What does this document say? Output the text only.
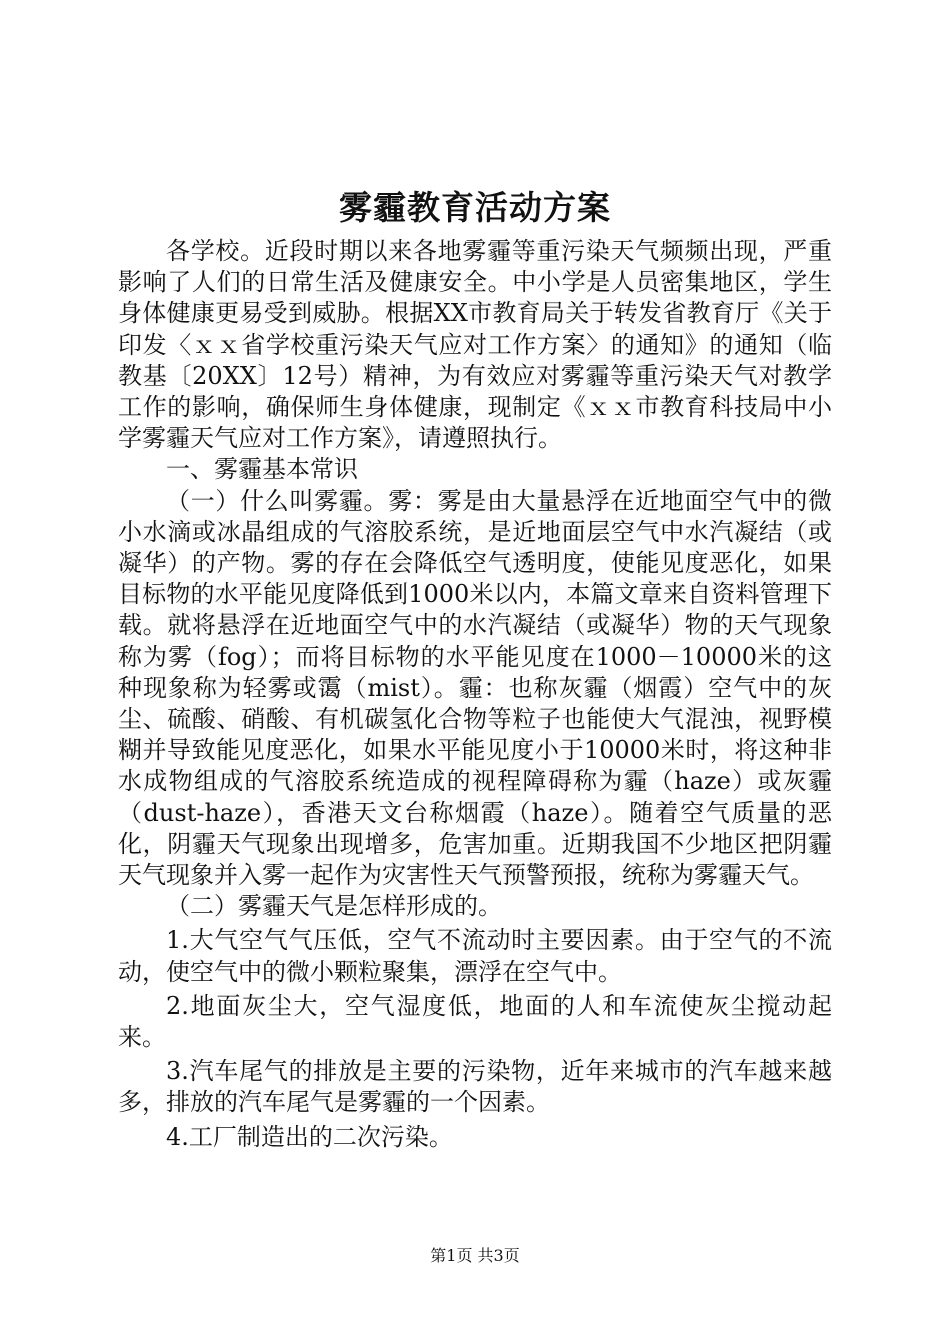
雾霾教育活动方案

各学校。近段时期以来各地雾霾等重污染天气频频出现，严重影响了人们的日常生活及健康安全。中小学是人员密集地区，学生身体健康更易受到威胁。根据XX市教育局关于转发省教育厅《关于印发〈ｘｘ省学校重污染天气应对工作方案〉的通知》的通知（临教基〔20XX〕12号）精神，为有效应对雾霾等重污染天气对教学工作的影响，确保师生身体健康，现制定《ｘｘ市教育科技局中小学雾霾天气应对工作方案》，请遵照执行。

一、雾霾基本常识

（一）什么叫雾霾。雾：雾是由大量悬浮在近地面空气中的微小水滴或冰晶组成的气溶胶系统，是近地面层空气中水汽凝结（或凝华）的产物。雾的存在会降低空气透明度，使能见度恶化，如果目标物的水平能见度降低到1000米以内，本篇文章来自资料管理下载。就将悬浮在近地面空气中的水汽凝结（或凝华）物的天气现象称为雾（fog）；而将目标物的水平能见度在1000－10000米的这种现象称为轻雾或霭（mist）。霾：也称灰霾（烟霞）空气中的灰尘、硫酸、硝酸、有机碳氢化合物等粒子也能使大气混浊，视野模糊并导致能见度恶化，如果水平能见度小于10000米时，将这种非水成物组成的气溶胶系统造成的视程障碍称为霾（haze）或灰霾（dust-haze），香港天文台称烟霞（haze）。随着空气质量的恶化，阴霾天气现象出现增多，危害加重。近期我国不少地区把阴霾天气现象并入雾一起作为灾害性天气预警预报，统称为雾霾天气。

（二）雾霾天气是怎样形成的。

1.大气空气气压低，空气不流动时主要因素。由于空气的不流动，使空气中的微小颗粒聚集，漂浮在空气中。

2.地面灰尘大，空气湿度低，地面的人和车流使灰尘搅动起来。

3.汽车尾气的排放是主要的污染物，近年来城市的汽车越来越多，排放的汽车尾气是雾霾的一个因素。

4.工厂制造出的二次污染。

第1页 共3页
